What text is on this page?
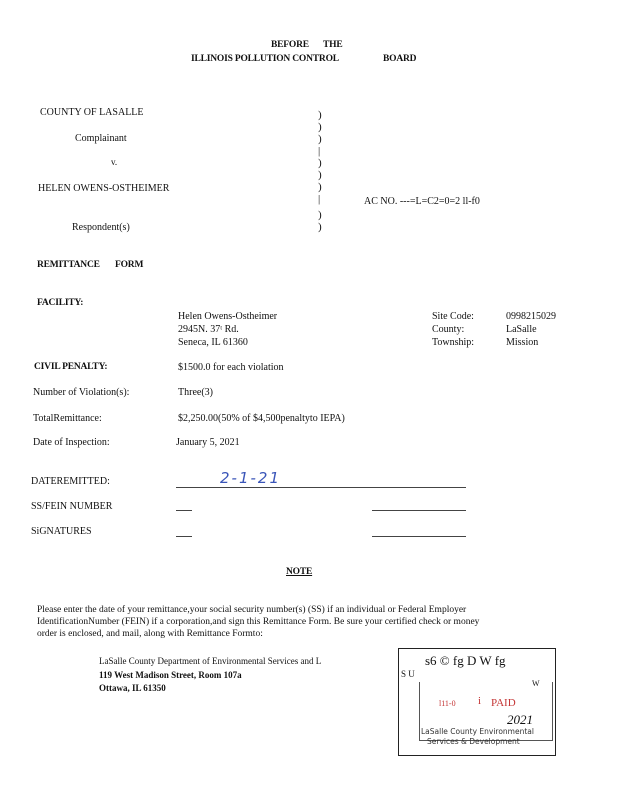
BEFORE THE
ILLINOIS POLLUTION CONTROL	BOARD
COUNTY OF LASALLE
Complainant
v.
HELEN OWENS-OSTHEIMER
Respondent(s)
)
)
)
|
)
)
)
|
)
)
AC NO. ---=L=C2=0=2 ll-f0
REMITTANCE FORM
FACILITY:
Helen Owens-Ostheimer
2945N. 37ᵗ Rd.
Seneca, IL 61360
Site Code:	0998215029
County:	LaSalle
Township:	Mission
CIVIL PENALTY:	$1500.0 for each violation
Number of Violation(s):	Three(3)
TotalRemittance:	$2,250.00(50% of $4,500penaltyto IEPA)
Date of Inspection:	January 5, 2021
DATEREMITTED:	2-1-21
SS/FEIN NUMBER
SiGNATURES
NOTE
Please enter the date of your remittance,your social security number(s) (SS) if an individual or Federal Employer
IdentificationNumber (FEIN) if a corporation,and sign this Remittance Form. Be sure your certified check or money
order is enclosed, and mail, along with Remittance Formto:
LaSalle County Department of Environmental Services and L
119 West Madison Street, Room 107a
Ottawa, IL 61350
s6 © fg D W fg
S U
W
l11-0 i PAID
2021
LaSalle County Environmental
Services & Development
